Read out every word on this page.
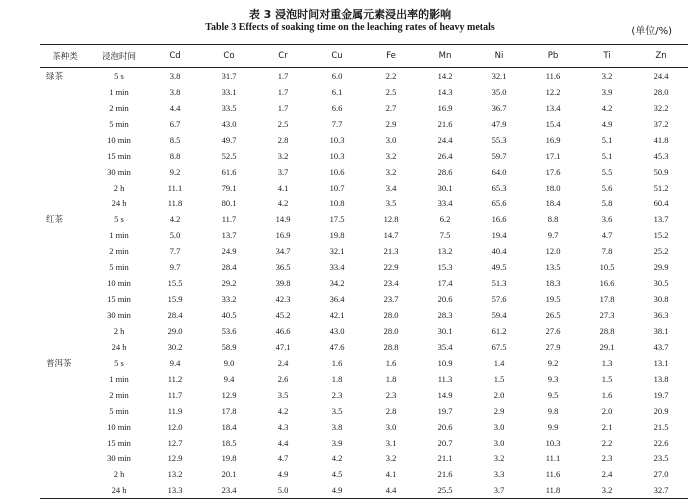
表 3 浸泡时间对重金属元素浸出率的影响
Table 3 Effects of soaking time on the leaching rates of heavy metals	(单位/%)
茶种类	浸泡时间	Cd	Co	Cr	Cu	Fe	Mn	Ni	Pb	Ti	Zn
绿茶	5 s	3.8	31.7	1.7	6.0	2.2	14.2	32.1	11.6	3.2	24.4
	1 min	3.8	33.1	1.7	6.1	2.5	14.3	35.0	12.2	3.9	28.0
	2 min	4.4	33.5	1.7	6.6	2.7	16.9	36.7	13.4	4.2	32.2
	5 min	6.7	43.0	2.5	7.7	2.9	21.6	47.9	15.4	4.9	37.2
	10 min	8.5	49.7	2.8	10.3	3.0	24.4	55.3	16.9	5.1	41.8
	15 min	8.8	52.5	3.2	10.3	3.2	26.4	59.7	17.1	5.1	45.3
	30 min	9.2	61.6	3.7	10.6	3.2	28.6	64.0	17.6	5.5	50.9
	2 h	11.1	79.1	4.1	10.7	3.4	30.1	65.3	18.0	5.6	51.2
	24 h	11.8	80.1	4.2	10.8	3.5	33.4	65.6	18.4	5.8	60.4
红茶	5 s	4.2	11.7	14.9	17.5	12.8	6.2	16.6	8.8	3.6	13.7
	1 min	5.0	13.7	16.9	19.8	14.7	7.5	19.4	9.7	4.7	15.2
	2 min	7.7	24.9	34.7	32.1	21.3	13.2	40.4	12.0	7.8	25.2
	5 min	9.7	28.4	36.5	33.4	22.9	15.3	49.5	13.5	10.5	29.9
	10 min	15.5	29.2	39.8	34.2	23.4	17.4	51.3	18.3	16.6	30.5
	15 min	15.9	33.2	42.3	36.4	23.7	20.6	57.6	19.5	17.8	30.8
	30 min	28.4	40.5	45.2	42.1	28.0	28.3	59.4	26.5	27.3	36.3
	2 h	29.0	53.6	46.6	43.0	28.0	30.1	61.2	27.6	28.8	38.1
	24 h	30.2	58.9	47.1	47.6	28.8	35.4	67.5	27.9	29.1	43.7
普洱茶	5 s	9.4	9.0	2.4	1.6	1.6	10.9	1.4	9.2	1.3	13.1
	1 min	11.2	9.4	2.6	1.8	1.8	11.3	1.5	9.3	1.5	13.8
	2 min	11.7	12.9	3.5	2.3	2.3	14.9	2.0	9.5	1.6	19.7
	5 min	11.9	17.8	4.2	3.5	2.8	19.7	2.9	9.8	2.0	20.9
	10 min	12.0	18.4	4.3	3.8	3.0	20.6	3.0	9.9	2.1	21.5
	15 min	12.7	18.5	4.4	3.9	3.1	20.7	3.0	10.3	2.2	22.6
	30 min	12.9	19.8	4.7	4.2	3.2	21.1	3.2	11.1	2.3	23.5
	2 h	13.2	20.1	4.9	4.5	4.1	21.6	3.3	11.6	2.4	27.0
	24 h	13.3	23.4	5.0	4.9	4.4	25.5	3.7	11.8	3.2	32.7
